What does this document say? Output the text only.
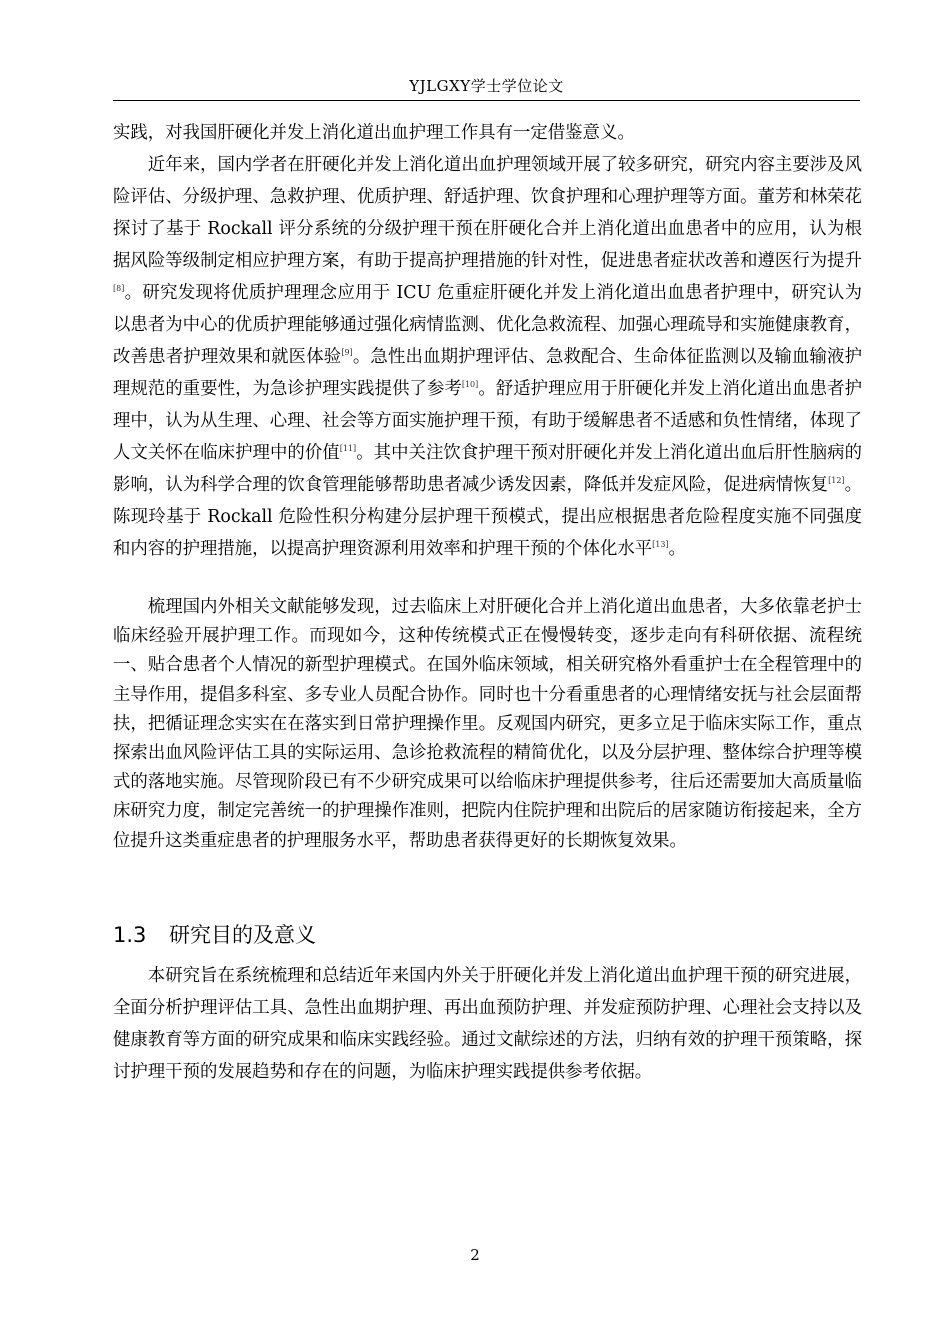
YJLGXY学士学位论文

实践，对我国肝硬化并发上消化道出血护理工作具有一定借鉴意义。

近年来，国内学者在肝硬化并发上消化道出血护理领域开展了较多研究，研究内容主要涉及风险评估、分级护理、急救护理、优质护理、舒适护理、饮食护理和心理护理等方面。董芳和林荣花探讨了基于 Rockall 评分系统的分级护理干预在肝硬化合并上消化道出血患者中的应用，认为根据风险等级制定相应护理方案，有助于提高护理措施的针对性，促进患者症状改善和遵医行为提升[8]。研究发现将优质护理理念应用于 ICU 危重症肝硬化并发上消化道出血患者护理中，研究认为以患者为中心的优质护理能够通过强化病情监测、优化急救流程、加强心理疏导和实施健康教育，改善患者护理效果和就医体验[9]。急性出血期护理评估、急救配合、生命体征监测以及输血输液护理规范的重要性，为急诊护理实践提供了参考[10]。舒适护理应用于肝硬化并发上消化道出血患者护理中，认为从生理、心理、社会等方面实施护理干预，有助于缓解患者不适感和负性情绪，体现了人文关怀在临床护理中的价值[11]。其中关注饮食护理干预对肝硬化并发上消化道出血后肝性脑病的影响，认为科学合理的饮食管理能够帮助患者减少诱发因素，降低并发症风险，促进病情恢复[12]。陈现玲基于 Rockall 危险性积分构建分层护理干预模式，提出应根据患者危险程度实施不同强度和内容的护理措施，以提高护理资源利用效率和护理干预的个体化水平[13]。

梳理国内外相关文献能够发现，过去临床上对肝硬化合并上消化道出血患者，大多依靠老护士临床经验开展护理工作。而现如今，这种传统模式正在慢慢转变，逐步走向有科研依据、流程统一、贴合患者个人情况的新型护理模式。在国外临床领域，相关研究格外看重护士在全程管理中的主导作用，提倡多科室、多专业人员配合协作。同时也十分看重患者的心理情绪安抚与社会层面帮扶，把循证理念实实在在落实到日常护理操作里。反观国内研究，更多立足于临床实际工作，重点探索出血风险评估工具的实际运用、急诊抢救流程的精简优化，以及分层护理、整体综合护理等模式的落地实施。尽管现阶段已有不少研究成果可以给临床护理提供参考，往后还需要加大高质量临床研究力度，制定完善统一的护理操作准则，把院内住院护理和出院后的居家随访衔接起来，全方位提升这类重症患者的护理服务水平，帮助患者获得更好的长期恢复效果。

1.3 研究目的及意义

本研究旨在系统梳理和总结近年来国内外关于肝硬化并发上消化道出血护理干预的研究进展，全面分析护理评估工具、急性出血期护理、再出血预防护理、并发症预防护理、心理社会支持以及健康教育等方面的研究成果和临床实践经验。通过文献综述的方法，归纳有效的护理干预策略，探讨护理干预的发展趋势和存在的问题，为临床护理实践提供参考依据。

2
